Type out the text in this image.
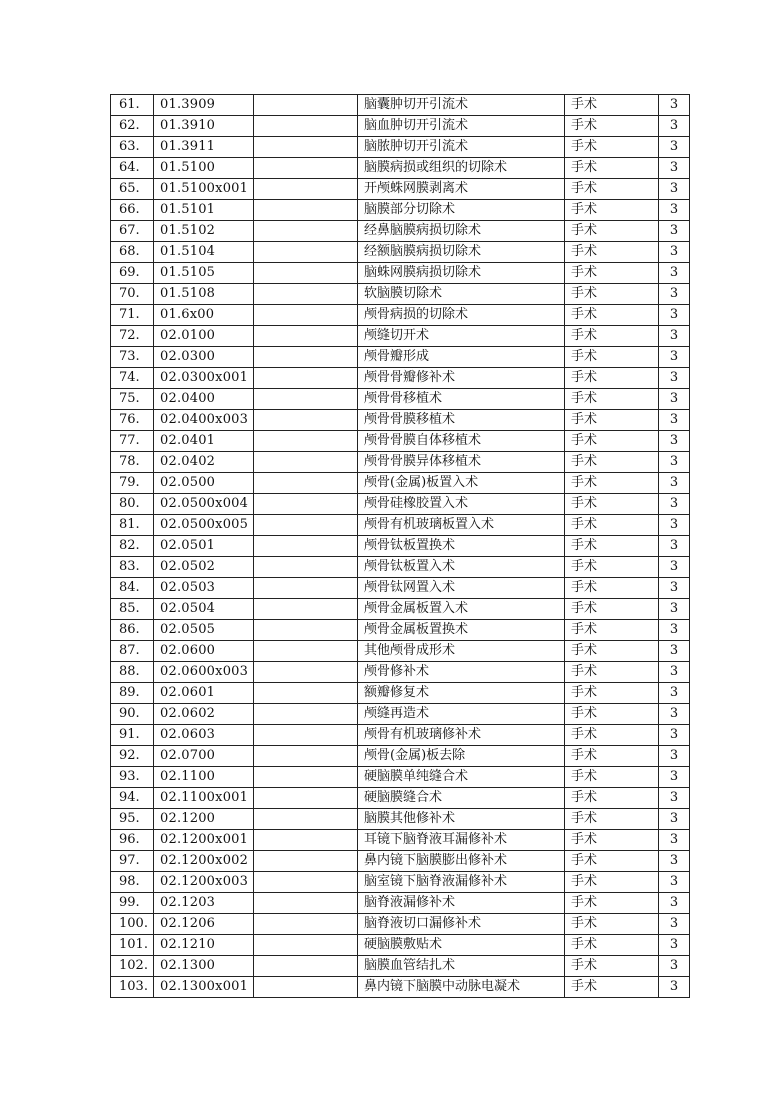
61.	01.3909		脑囊肿切开引流术	手术	3
62.	01.3910		脑血肿切开引流术	手术	3
63.	01.3911		脑脓肿切开引流术	手术	3
64.	01.5100		脑膜病损或组织的切除术	手术	3
65.	01.5100x001		开颅蛛网膜剥离术	手术	3
66.	01.5101		脑膜部分切除术	手术	3
67.	01.5102		经鼻脑膜病损切除术	手术	3
68.	01.5104		经额脑膜病损切除术	手术	3
69.	01.5105		脑蛛网膜病损切除术	手术	3
70.	01.5108		软脑膜切除术	手术	3
71.	01.6x00		颅骨病损的切除术	手术	3
72.	02.0100		颅缝切开术	手术	3
73.	02.0300		颅骨瓣形成	手术	3
74.	02.0300x001		颅骨骨瓣修补术	手术	3
75.	02.0400		颅骨骨移植术	手术	3
76.	02.0400x003		颅骨骨膜移植术	手术	3
77.	02.0401		颅骨骨膜自体移植术	手术	3
78.	02.0402		颅骨骨膜异体移植术	手术	3
79.	02.0500		颅骨(金属)板置入术	手术	3
80.	02.0500x004		颅骨硅橡胶置入术	手术	3
81.	02.0500x005		颅骨有机玻璃板置入术	手术	3
82.	02.0501		颅骨钛板置换术	手术	3
83.	02.0502		颅骨钛板置入术	手术	3
84.	02.0503		颅骨钛网置入术	手术	3
85.	02.0504		颅骨金属板置入术	手术	3
86.	02.0505		颅骨金属板置换术	手术	3
87.	02.0600		其他颅骨成形术	手术	3
88.	02.0600x003		颅骨修补术	手术	3
89.	02.0601		额瓣修复术	手术	3
90.	02.0602		颅缝再造术	手术	3
91.	02.0603		颅骨有机玻璃修补术	手术	3
92.	02.0700		颅骨(金属)板去除	手术	3
93.	02.1100		硬脑膜单纯缝合术	手术	3
94.	02.1100x001		硬脑膜缝合术	手术	3
95.	02.1200		脑膜其他修补术	手术	3
96.	02.1200x001		耳镜下脑脊液耳漏修补术	手术	3
97.	02.1200x002		鼻内镜下脑膜膨出修补术	手术	3
98.	02.1200x003		脑室镜下脑脊液漏修补术	手术	3
99.	02.1203		脑脊液漏修补术	手术	3
100.	02.1206		脑脊液切口漏修补术	手术	3
101.	02.1210		硬脑膜敷贴术	手术	3
102.	02.1300		脑膜血管结扎术	手术	3
103.	02.1300x001		鼻内镜下脑膜中动脉电凝术	手术	3
